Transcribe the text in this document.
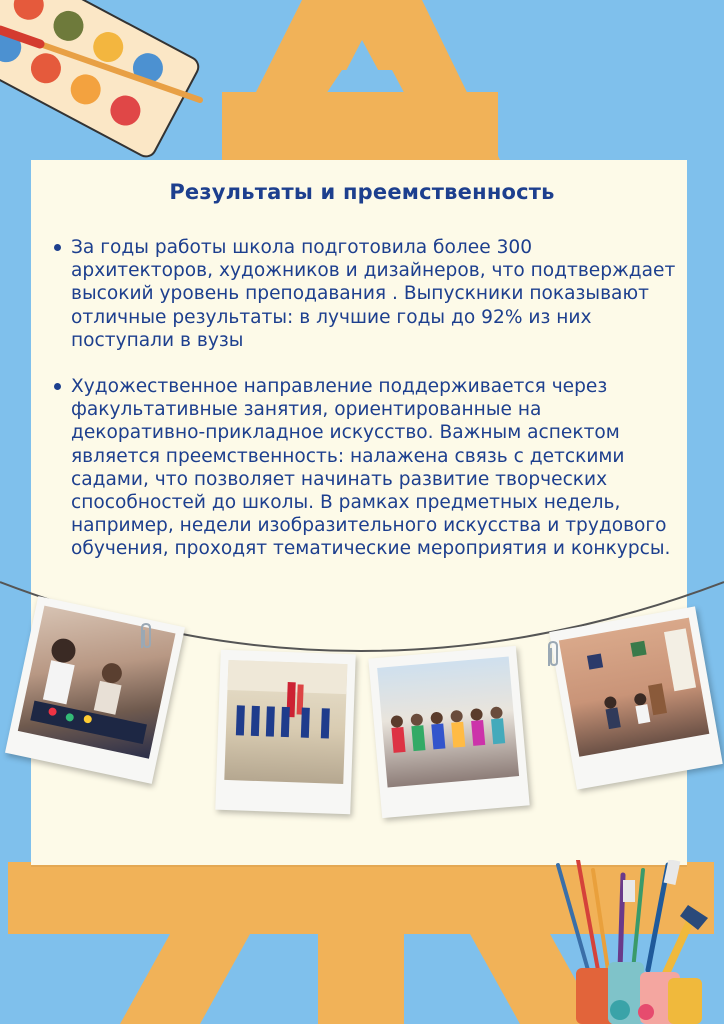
Результаты и преемственность
За годы работы школа подготовила более 300 архитекторов, художников и дизайнеров, что подтверждает высокий уровень преподавания . Выпускники показывают отличные результаты: в лучшие годы до 92% из них поступали в вузы
Художественное направление поддерживается через факультативные занятия, ориентированные на декоративно-прикладное искусство. Важным аспектом является преемственность: налажена связь с детскими садами, что позволяет начинать развитие творческих способностей до школы. В рамках предметных недель, например, недели изобразительного искусства и трудового обучения, проходят тематические мероприятия и конкурсы.
